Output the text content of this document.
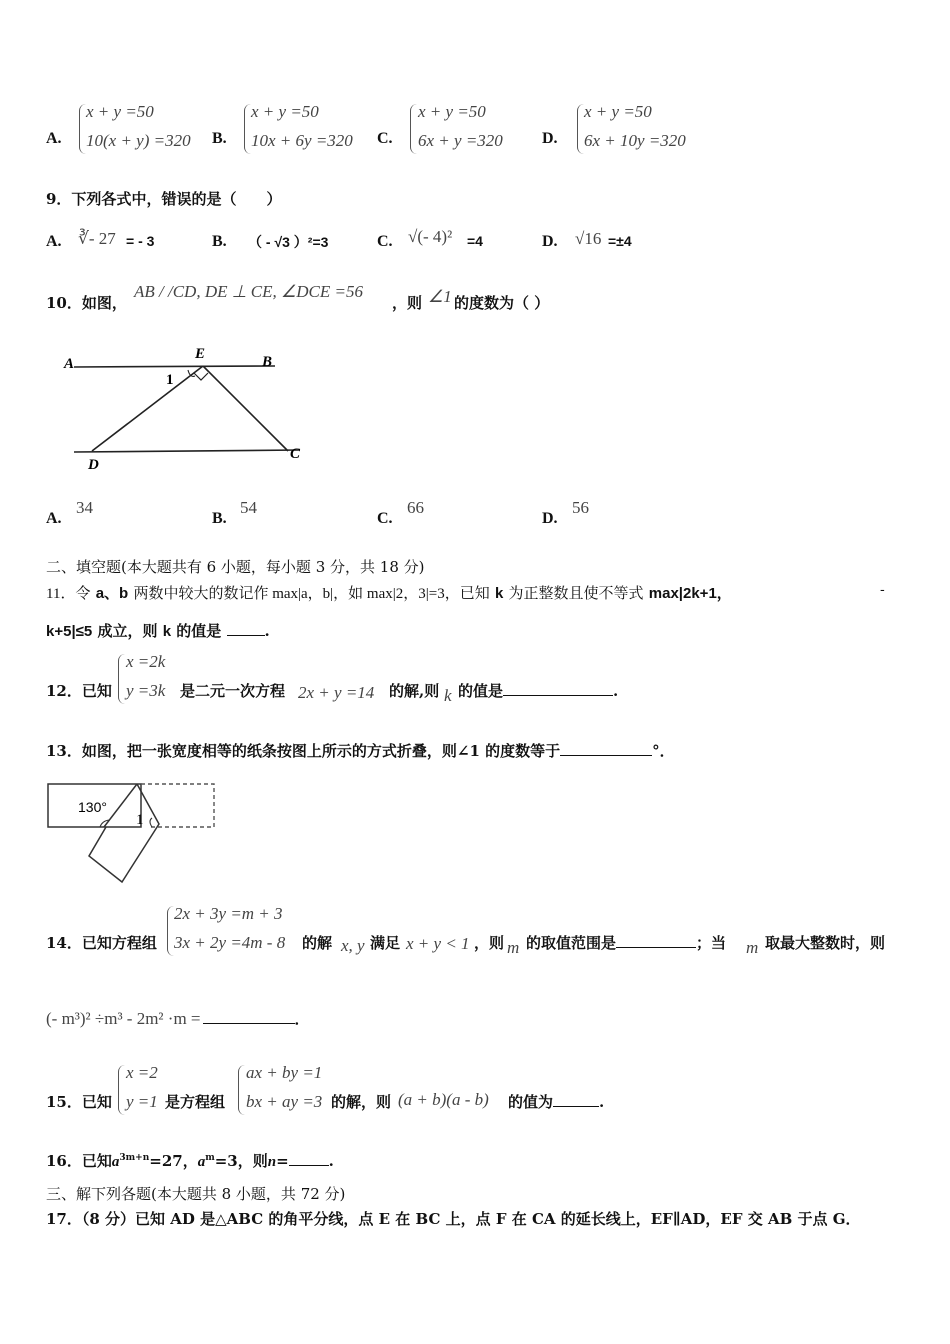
A.
x + y =50
10(x + y) =320 B.
x + y =50
10x + 6y =320 C.
x + y =50
6x + y =320 D.
x + y =50
6x + 10y =320
9．下列各式中，错误的是（　　）
A. ∛- 27 = - 3	B. （ - √3 ）²=3	C. √(- 4)² =4	D. √16 =±4
10．如图，
AB / /CD, DE ⊥ CE, ∠DCE =56
，则 ∠1 的度数为（ ）
A	B
E
1
D
C
A.
34
B.
54
C.
66
D.
56
二、填空题(本大题共有 6 小题，每小题 3 分，共 18 分)
11．令 a、b 两数中较大的数记作 max|a，b|，如 max|2，3|=3，已知 k 为正整数且使不等式 max|2k+1，	-
k+5|≤5 成立，则 k 的值是	.
12．已知
x =2k
y =3k 是二元一次方程 2x + y =14 的解,则 k 的值是	.
13．如图，把一张宽度相等的纸条按图上所示的方式折叠，则∠1 的度数等于	°．
130°
1
14．已知方程组
2x + 3y =m + 3
3x + 2y =4m - 8 的解 x, y 满足 x + y < 1 ，则 m 的取值范围是	；当 m 取最大整数时，则
(- m³)² ÷m³ - 2m² ·m =	．
15．已知
x =2
y =1 是方程组
ax + by =1
bx + ay =3 的解，则 (a + b)(a - b) 的值为	.
16．已知$a^{3m+n}=27$，$a^m=3$，则n=	.
三、解下列各题(本大题共 8 小题，共 72 分)
17．（8 分）已知 AD 是△ABC 的角平分线，点 E 在 BC 上，点 F 在 CA 的延长线上，EF∥AD，EF 交 AB 于点 G．
